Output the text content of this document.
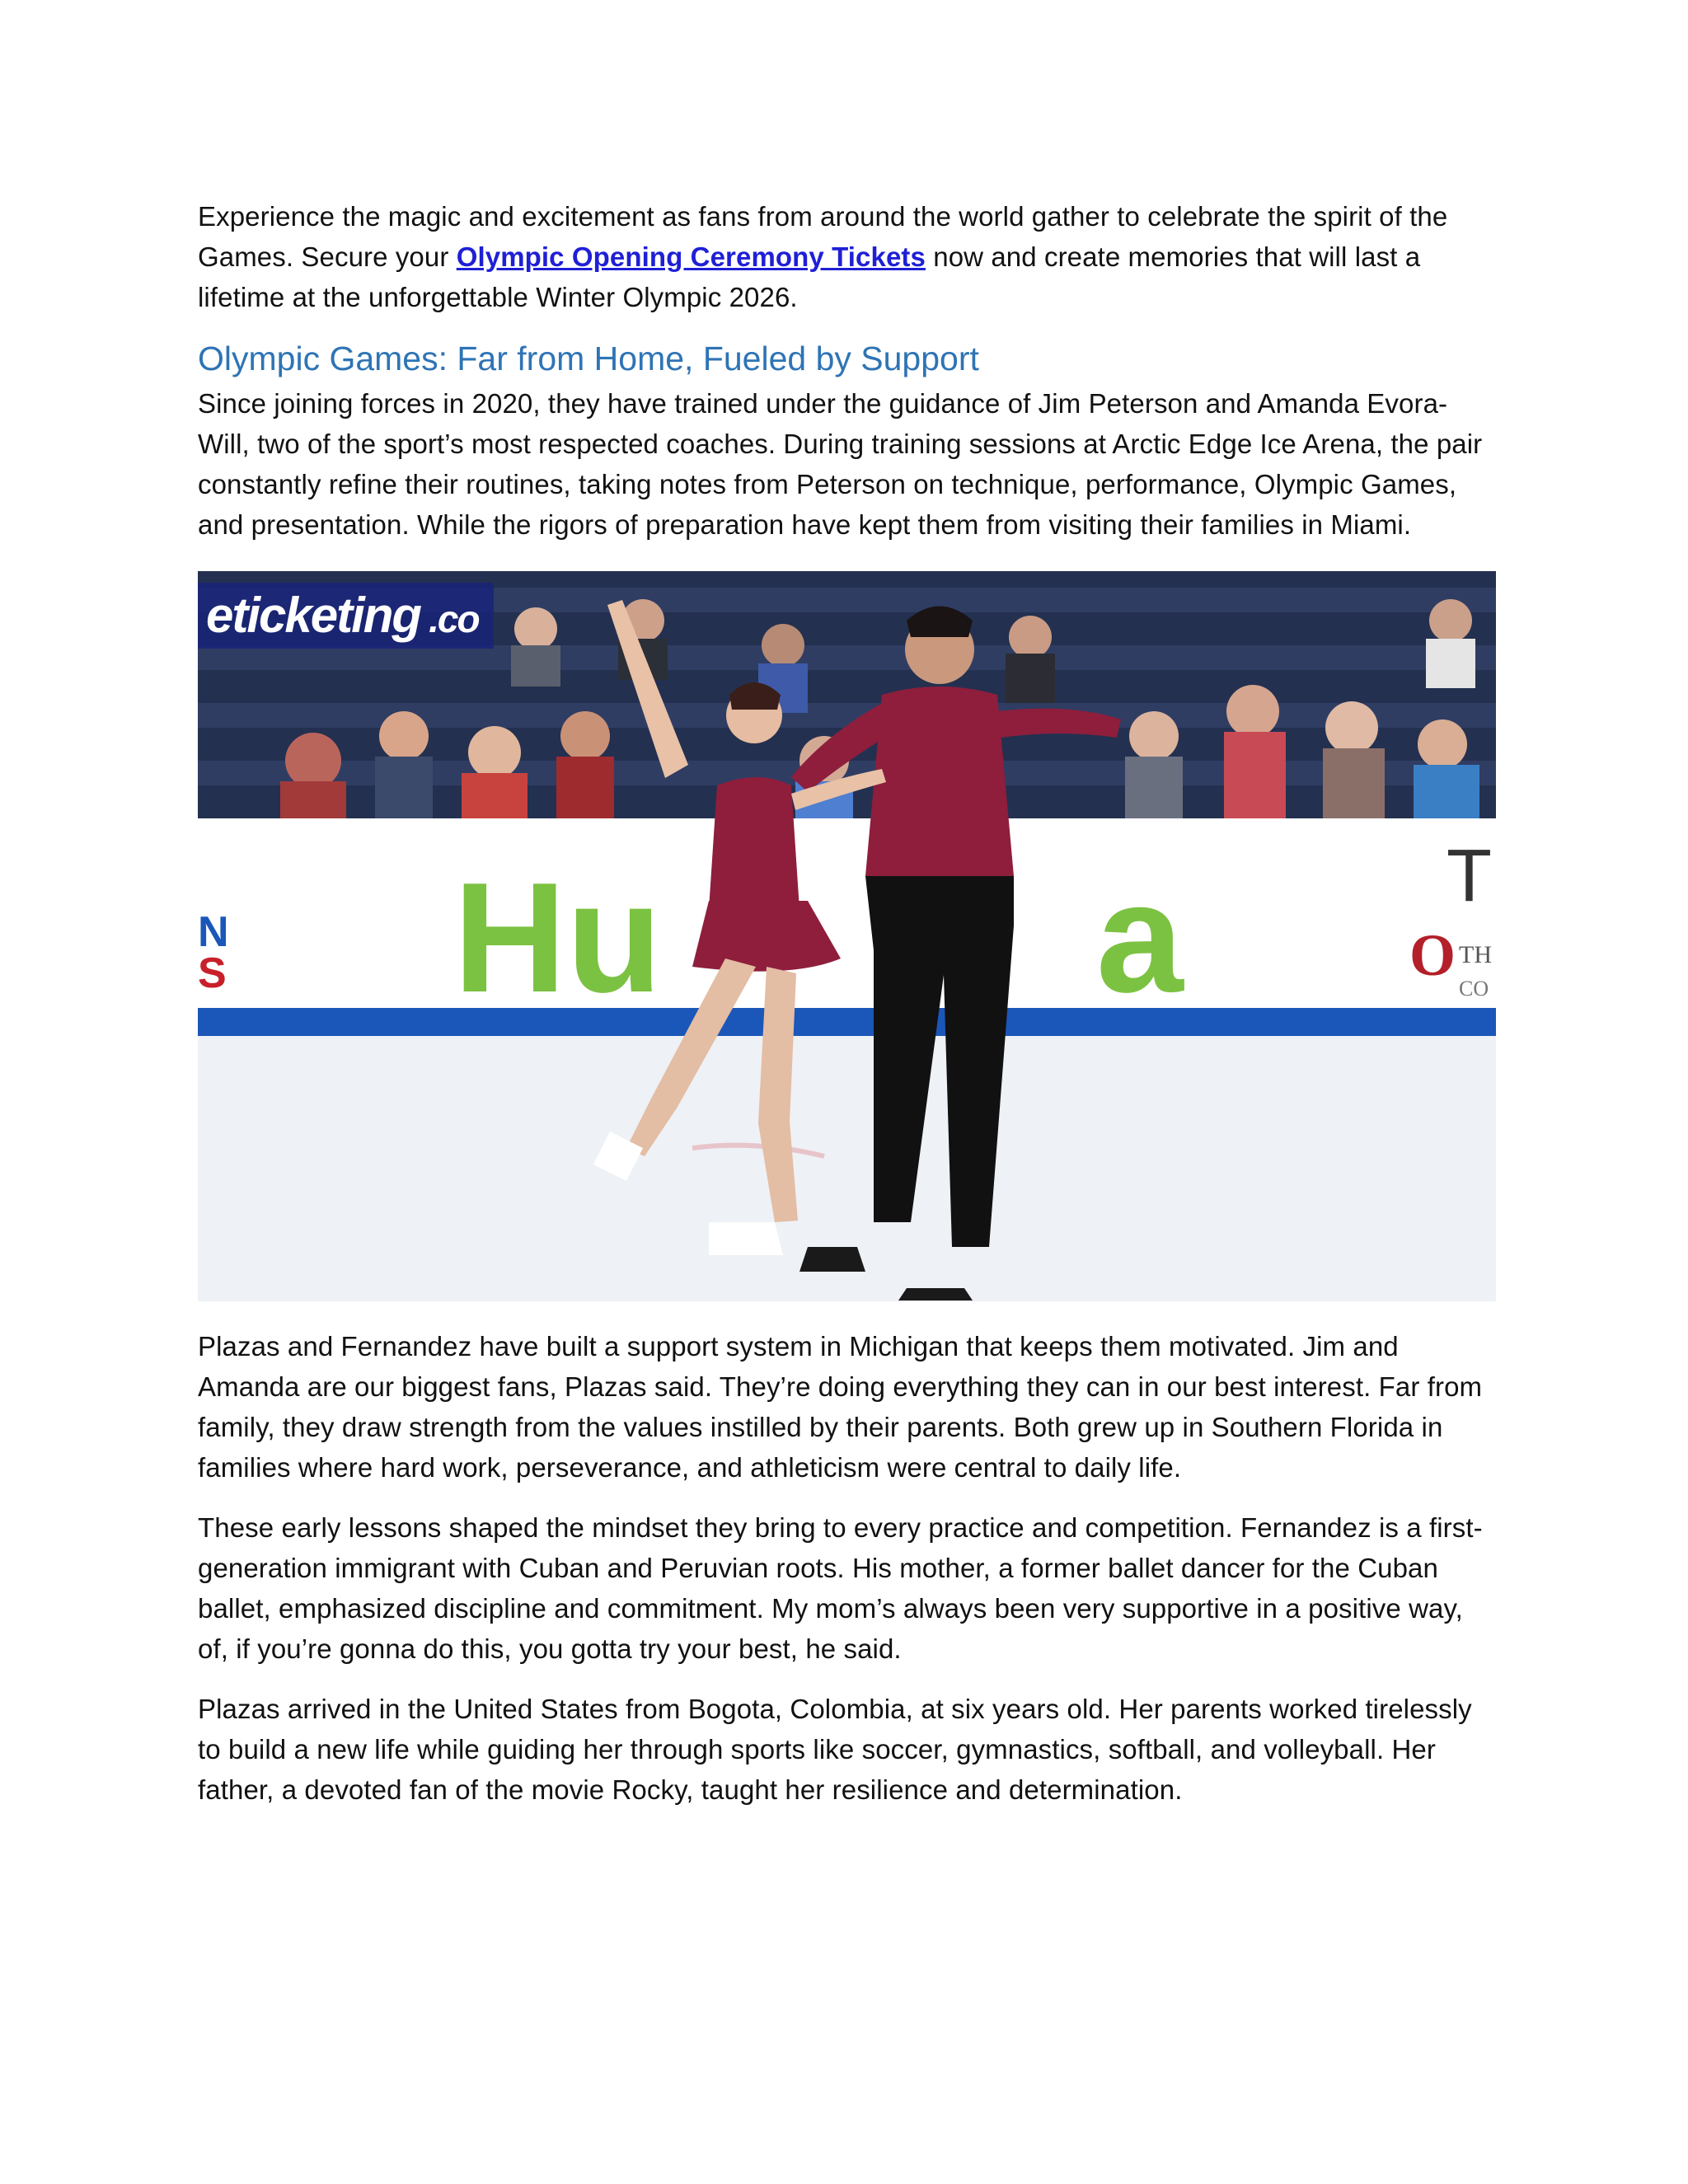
Experience the magic and excitement as fans from around the world gather to celebrate the spirit of the Games. Secure your Olympic Opening Ceremony Tickets now and create memories that will last a lifetime at the unforgettable Winter Olympic 2026.

Olympic Games: Far from Home, Fueled by Support

Since joining forces in 2020, they have trained under the guidance of Jim Peterson and Amanda Evora-Will, two of the sport’s most respected coaches. During training sessions at Arctic Edge Ice Arena, the pair constantly refine their routines, taking notes from Peterson on technique, performance, Olympic Games, and presentation. While the rigors of preparation have kept them from visiting their families in Miami.

Hu	a
N
S
T
O TH
CO
eticketing .co

Plazas and Fernandez have built a support system in Michigan that keeps them motivated. Jim and Amanda are our biggest fans, Plazas said. They’re doing everything they can in our best interest. Far from family, they draw strength from the values instilled by their parents. Both grew up in Southern Florida in families where hard work, perseverance, and athleticism were central to daily life.

These early lessons shaped the mindset they bring to every practice and competition. Fernandez is a first-generation immigrant with Cuban and Peruvian roots. His mother, a former ballet dancer for the Cuban ballet, emphasized discipline and commitment. My mom’s always been very supportive in a positive way, of, if you’re gonna do this, you gotta try your best, he said.

Plazas arrived in the United States from Bogota, Colombia, at six years old. Her parents worked tirelessly to build a new life while guiding her through sports like soccer, gymnastics, softball, and volleyball. Her father, a devoted fan of the movie Rocky, taught her resilience and determination.
